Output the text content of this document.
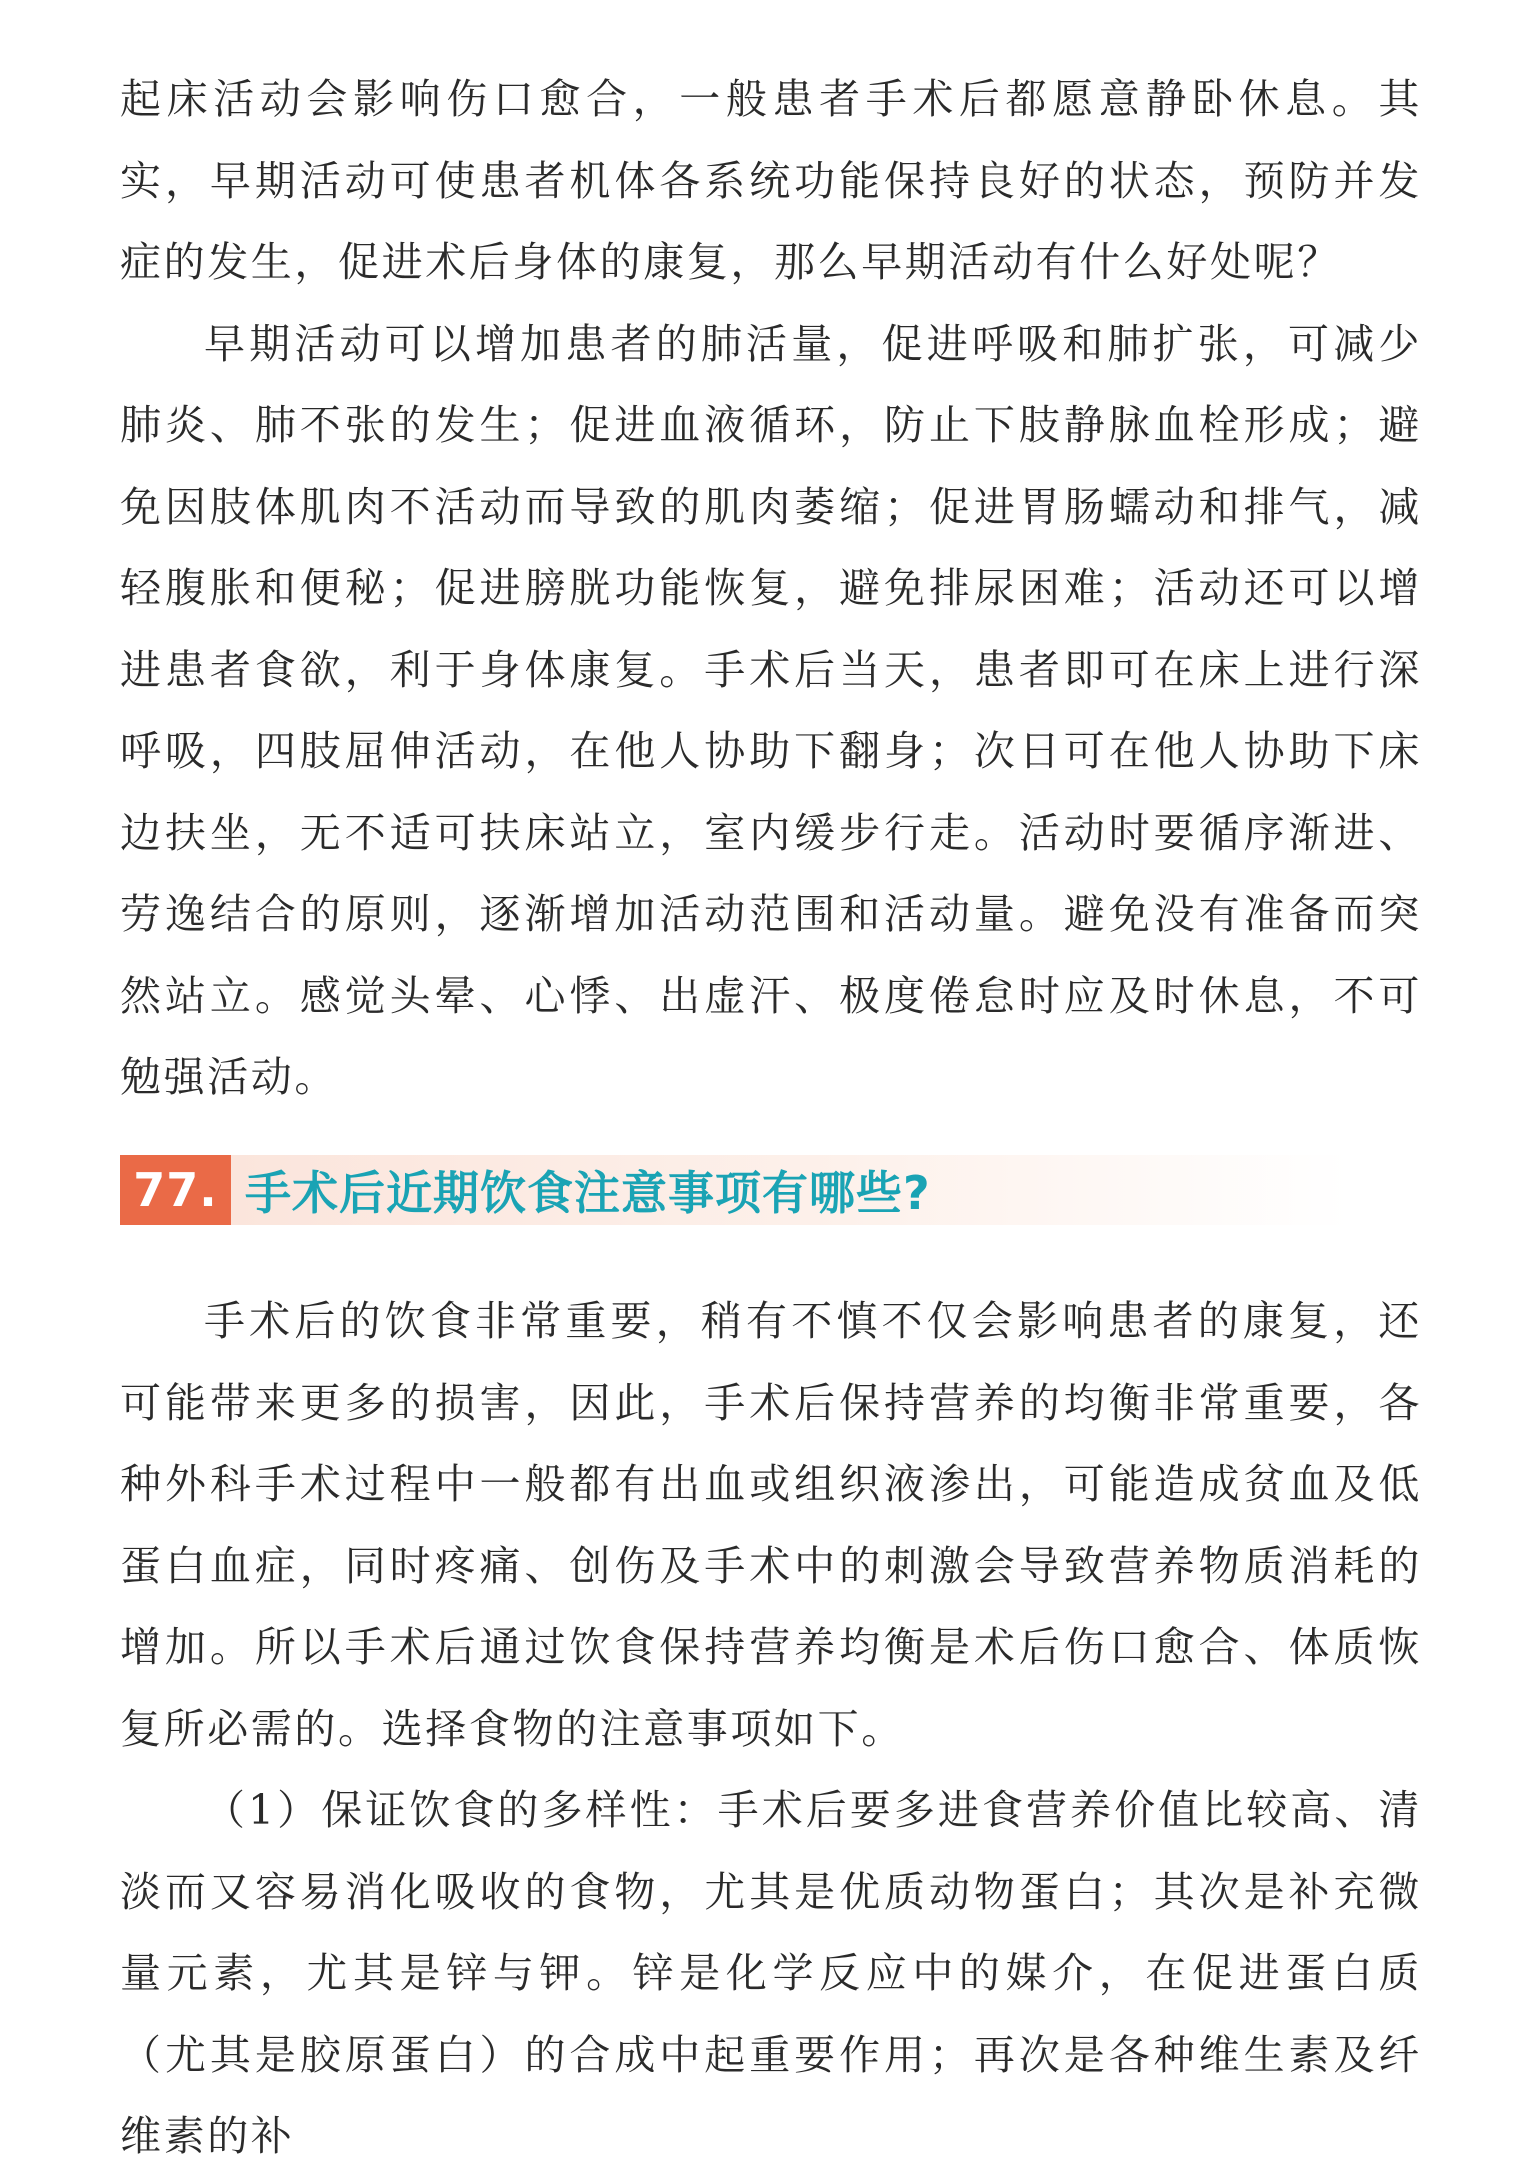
起床活动会影响伤口愈合，一般患者手术后都愿意静卧休息。其实，早期活动可使患者机体各系统功能保持良好的状态，预防并发症的发生，促进术后身体的康复，那么早期活动有什么好处呢？

早期活动可以增加患者的肺活量，促进呼吸和肺扩张，可减少肺炎、肺不张的发生；促进血液循环，防止下肢静脉血栓形成；避免因肢体肌肉不活动而导致的肌肉萎缩；促进胃肠蠕动和排气，减轻腹胀和便秘；促进膀胱功能恢复，避免排尿困难；活动还可以增进患者食欲，利于身体康复。手术后当天，患者即可在床上进行深呼吸，四肢屈伸活动，在他人协助下翻身；次日可在他人协助下床边扶坐，无不适可扶床站立，室内缓步行走。活动时要循序渐进、劳逸结合的原则，逐渐增加活动范围和活动量。避免没有准备而突然站立。感觉头晕、心悸、出虚汗、极度倦怠时应及时休息，不可勉强活动。

77. 手术后近期饮食注意事项有哪些?

手术后的饮食非常重要，稍有不慎不仅会影响患者的康复，还可能带来更多的损害，因此，手术后保持营养的均衡非常重要，各种外科手术过程中一般都有出血或组织液渗出，可能造成贫血及低蛋白血症，同时疼痛、创伤及手术中的刺激会导致营养物质消耗的增加。所以手术后通过饮食保持营养均衡是术后伤口愈合、体质恢复所必需的。选择食物的注意事项如下。

（1）保证饮食的多样性：手术后要多进食营养价值比较高、清淡而又容易消化吸收的食物，尤其是优质动物蛋白；其次是补充微量元素，尤其是锌与钾。锌是化学反应中的媒介，在促进蛋白质（尤其是胶原蛋白）的合成中起重要作用；再次是各种维生素及纤维素的补
